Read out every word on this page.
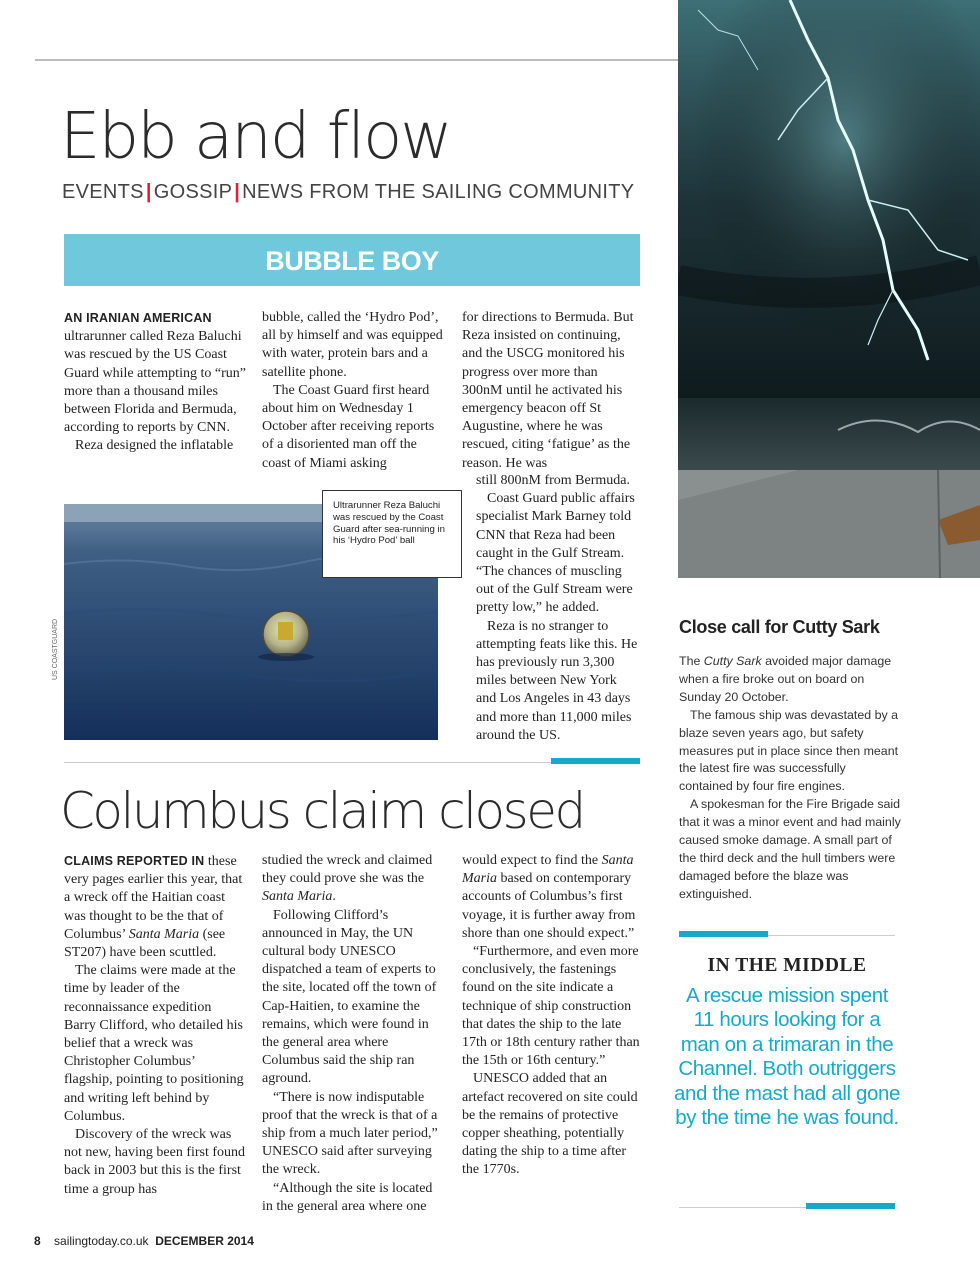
Ebb and flow
EVENTS | GOSSIP | NEWS FROM THE SAILING COMMUNITY
BUBBLE BOY

AN IRANIAN AMERICAN ultrarunner called Reza Baluchi was rescued by the US Coast Guard while attempting to “run” more than a thousand miles between Florida and Bermuda, according to reports by CNN.

Reza designed the inflatable

bubble, called the ‘Hydro Pod’, all by himself and was equipped with water, protein bars and a satellite phone.

The Coast Guard first heard about him on Wednesday 1 October after receiving reports of a disoriented man off the coast of Miami asking

for directions to Bermuda. But Reza insisted on continuing, and the USCG monitored his progress over more than 300nM until he activated his emergency beacon off St Augustine, where he was rescued, citing ‘fatigue’ as the reason. He was

still 800nM from Bermuda.

Coast Guard public affairs specialist Mark Barney told CNN that Reza had been caught in the Gulf Stream. “The chances of muscling out of the Gulf Stream were pretty low,” he added.

Reza is no stranger to attempting feats like this. He has previously run 3,300 miles between New York and Los Angeles in 43 days and more than 11,000 miles around the US.

US COASTGUARD
Ultrarunner Reza Baluchi was rescued by the Coast Guard after sea-running in his ‘Hydro Pod’ ball
Columbus claim closed

CLAIMS REPORTED IN these very pages earlier this year, that a wreck off the Haitian coast was thought to be the that of Columbus’ Santa Maria (see ST207) have been scuttled.

The claims were made at the time by leader of the reconnaissance expedition Barry Clifford, who detailed his belief that a wreck was Christopher Columbus’ flagship, pointing to positioning and writing left behind by Columbus.

Discovery of the wreck was not new, having been first found back in 2003 but this is the first time a group has

studied the wreck and claimed they could prove she was the Santa Maria.

Following Clifford’s announced in May, the UN cultural body UNESCO dispatched a team of experts to the site, located off the town of Cap-Haitien, to examine the remains, which were found in the general area where Columbus said the ship ran aground.

“There is now indisputable proof that the wreck is that of a ship from a much later period,” UNESCO said after surveying the wreck.

“Although the site is located in the general area where one

would expect to find the Santa Maria based on contemporary accounts of Columbus’s first voyage, it is further away from shore than one should expect.”

“Furthermore, and even more conclusively, the fastenings found on the site indicate a technique of ship construction that dates the ship to the late 17th or 18th century rather than the 15th or 16th century.”

UNESCO added that an artefact recovered on site could be the remains of protective copper sheathing, potentially dating the ship to a time after the 1770s.

Close call for Cutty Sark

The Cutty Sark avoided major damage when a fire broke out on board on Sunday 20 October.

The famous ship was devastated by a blaze seven years ago, but safety measures put in place since then meant the latest fire was successfully contained by four fire engines.

A spokesman for the Fire Brigade said that it was a minor event and had mainly caused smoke damage. A small part of the third deck and the hull timbers were damaged before the blaze was extinguished.

IN THE MIDDLE
A rescue mission spent 11 hours looking for a man on a trimaran in the Channel. Both outriggers and the mast had all gone by the time he was found.
8 sailingtoday.co.uk DECEMBER 2014
